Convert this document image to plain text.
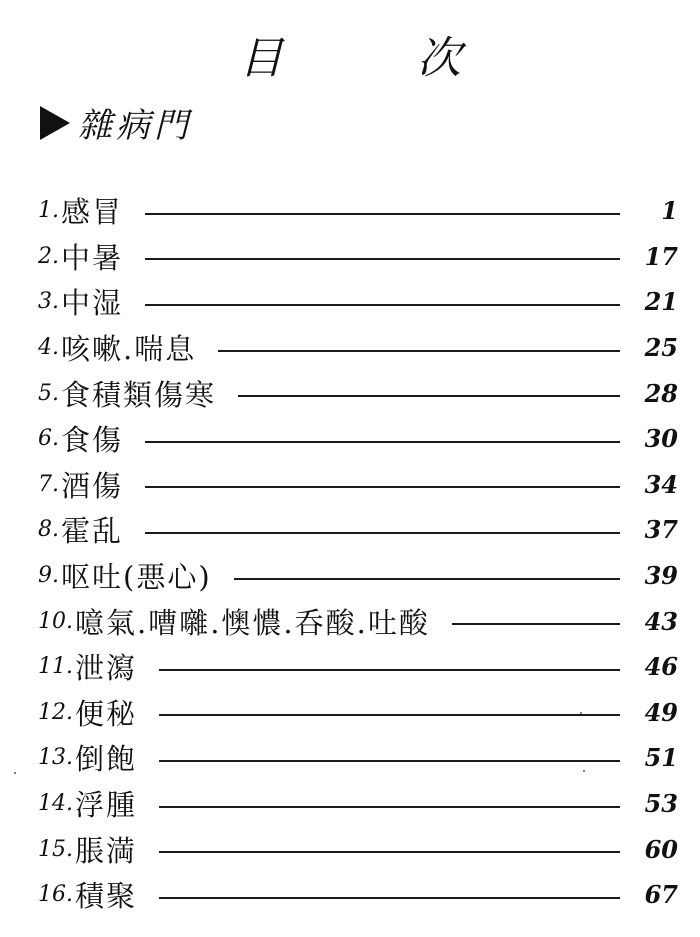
目 次
雜病門
1. 感冒	1
2. 中暑	17
3. 中湿	21
4. 咳嗽.喘息	25
5. 食積類傷寒	28
6. 食傷	30
7. 酒傷	34
8. 霍乱	37
9. 呕吐(悪心)	39
10. 噫氣.嘈囃.懊憹.呑酸.吐酸	43
11. 泄瀉	46
12. 便秘	49
13. 倒飽	51
14. 浮腫	53
15. 脹満	60
16. 積聚	67
